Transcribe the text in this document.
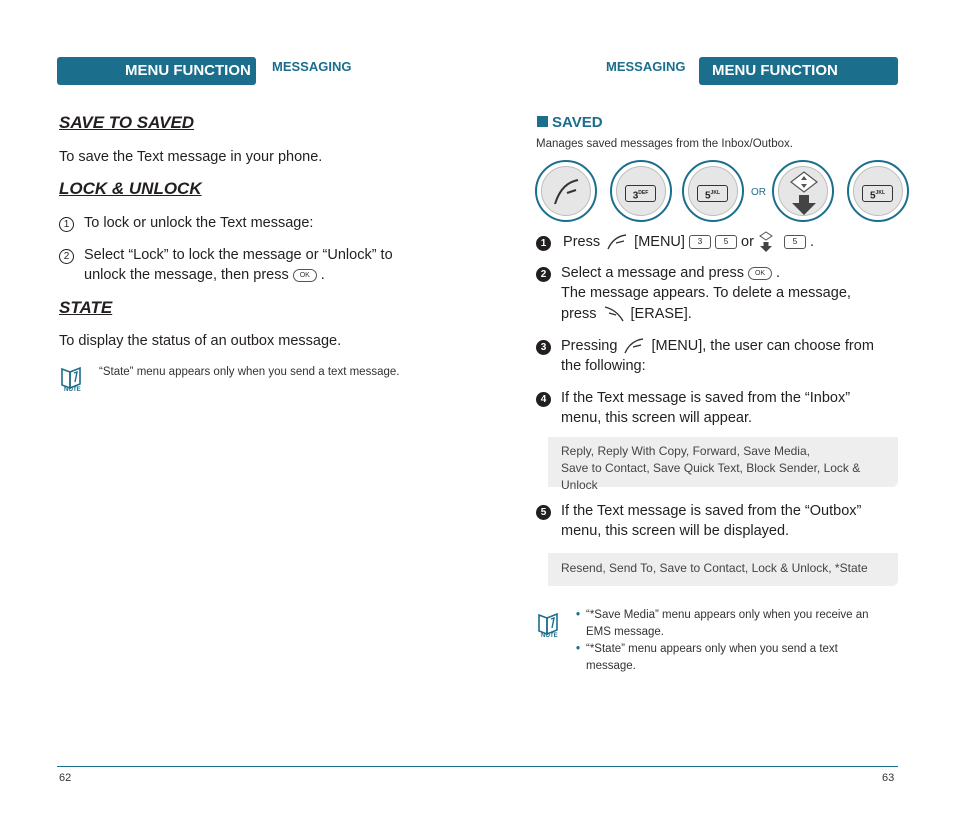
MENU FUNCTION	MESSAGING
SAVE TO SAVED
To save the Text message in your phone.
LOCK & UNLOCK
1 To lock or unlock the Text message:
2 Select “Lock” to lock the message or “Unlock” to
unlock the message, then press OK .
STATE
To display the status of an outbox message.
NOTE
“State” menu appears only when you send a text message.
62
MESSAGING	MENU FUNCTION
SAVED
Manages saved messages from the Inbox/Outbox.
$3^{DEF}$	$5^{JKL}$	OR	$5^{JKL}$
1 Press [MENU] 3	5 or	5 .
2 Select a message and press OK .
The message appears. To delete a message,
press [ERASE].
3 Pressing [MENU], the user can choose from
the following:
4 If the Text message is saved from the “Inbox”
menu, this screen will appear.
Reply, Reply With Copy, Forward, Save Media,
Save to Contact, Save Quick Text, Block Sender, Lock & Unlock
5 If the Text message is saved from the “Outbox”
menu, this screen will be displayed.
Resend, Send To, Save to Contact, Lock & Unlock, *State
NOTE
• “*Save Media” menu appears only when you receive an
EMS message.
• “*State” menu appears only when you send a text
message.
63
